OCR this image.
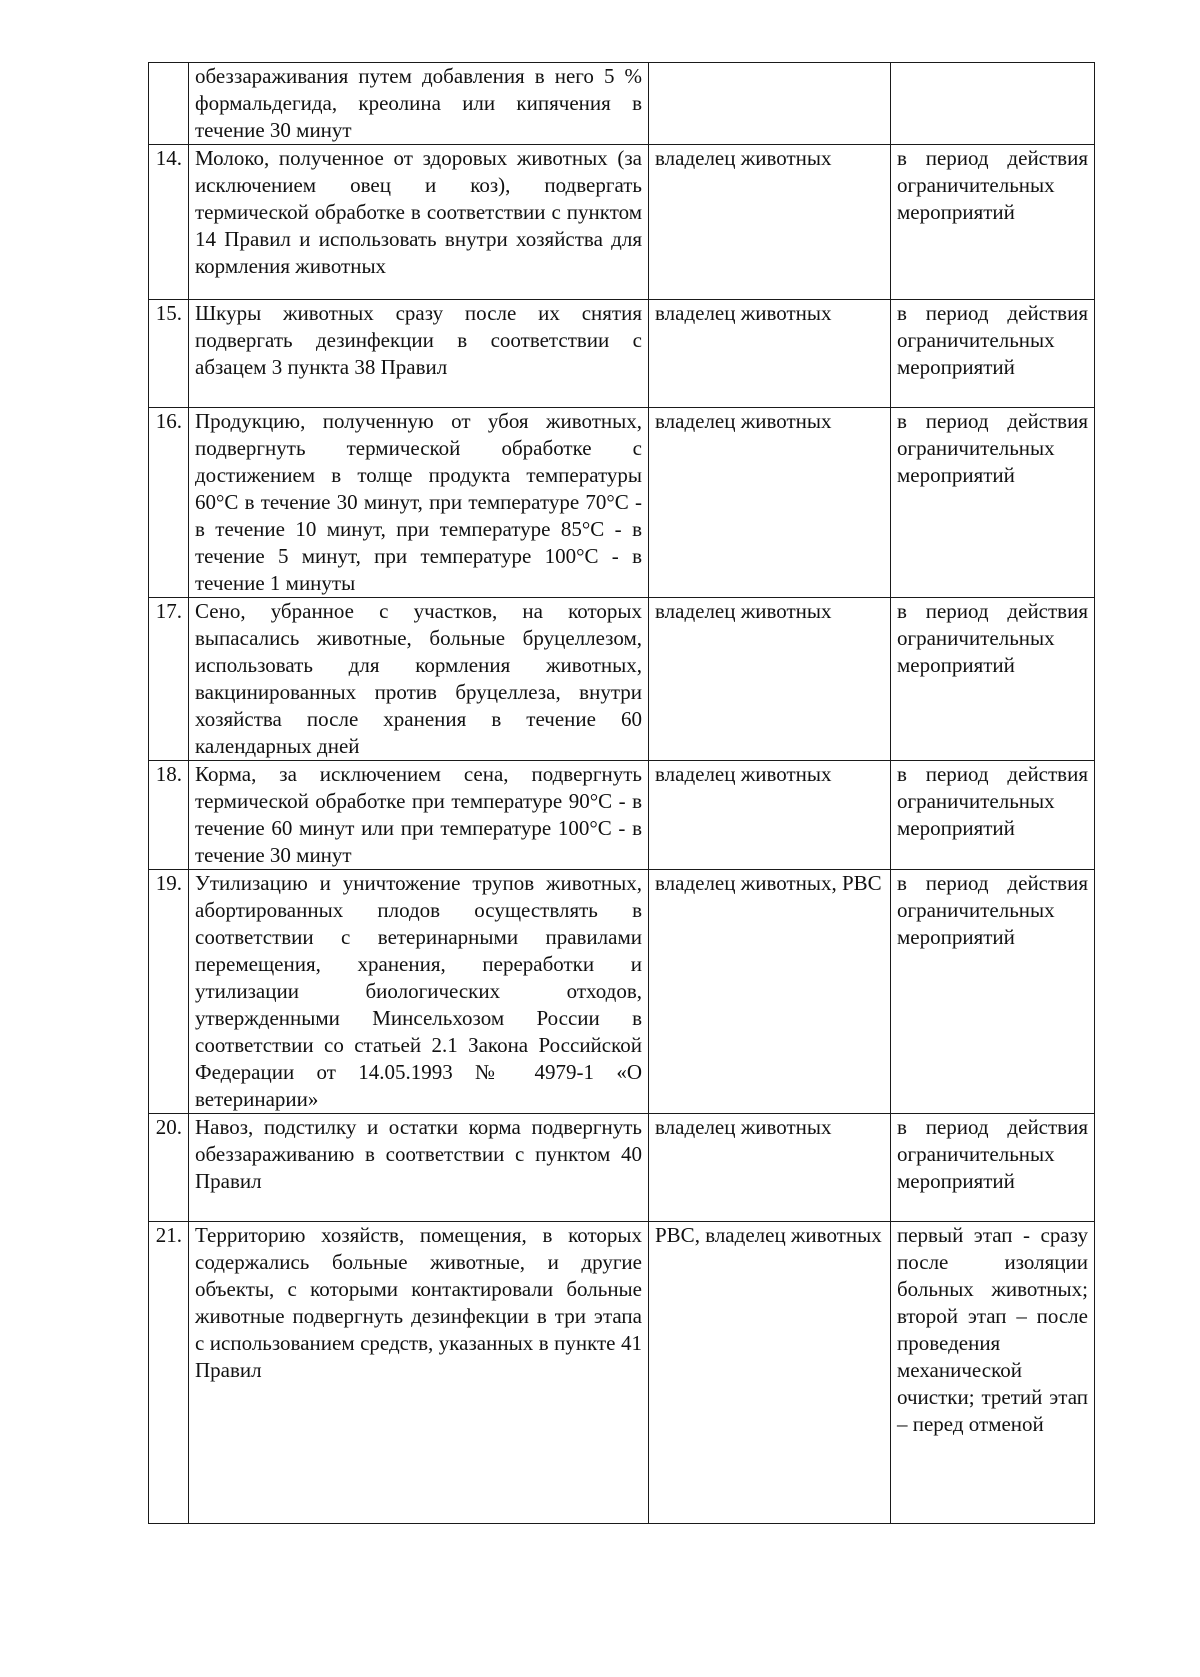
	обеззараживания путем добавления в него 5 % формальдегида, креолина или кипячения в течение 30 минут		
14.	Молоко, полученное от здоровых животных (за исключением овец и коз), подвергать термической обработке в соответствии с пунктом 14 Правил и использовать внутри хозяйства для кормления животных	владелец животных	в период действия ограничительных мероприятий
15.	Шкуры животных сразу после их снятия подвергать дезинфекции в соответствии с абзацем 3 пункта 38 Правил	владелец животных	в период действия ограничительных мероприятий
16.	Продукцию, полученную от убоя животных, подвергнуть термической обработке с достижением в толще продукта температуры 60°С в течение 30 минут, при температуре 70°С - в течение 10 минут, при температуре 85°С - в течение 5 минут, при температуре 100°С - в течение 1 минуты	владелец животных	в период действия ограничительных мероприятий
17.	Сено, убранное с участков, на которых выпасались животные, больные бруцеллезом, использовать для кормления животных, вакцинированных против бруцеллеза, внутри хозяйства после хранения в течение 60 календарных дней	владелец животных	в период действия ограничительных мероприятий
18.	Корма, за исключением сена, подвергнуть термической обработке при температуре 90°С - в течение 60 минут или при температуре 100°С - в течение 30 минут	владелец животных	в период действия ограничительных мероприятий
19.	Утилизацию и уничтожение трупов животных, абортированных плодов осуществлять в соответствии с ветеринарными правилами перемещения, хранения, переработки и утилизации биологических отходов, утвержденными Минсельхозом России в соответствии со статьей 2.1 Закона Российской Федерации от 14.05.1993 № 4979-1 «О ветеринарии»	владелец животных, РВС	в период действия ограничительных мероприятий
20.	Навоз, подстилку и остатки корма подвергнуть обеззараживанию в соответствии с пунктом 40 Правил	владелец животных	в период действия ограничительных мероприятий
21.	Территорию хозяйств, помещения, в которых содержались больные животные, и другие объекты, с которыми контактировали больные животные подвергнуть дезинфекции в три этапа с использованием средств, указанных в пункте 41 Правил	РВС, владелец животных	первый этап - сразу после изоляции больных животных; второй этап – после проведения механической очистки; третий этап – перед отменой
